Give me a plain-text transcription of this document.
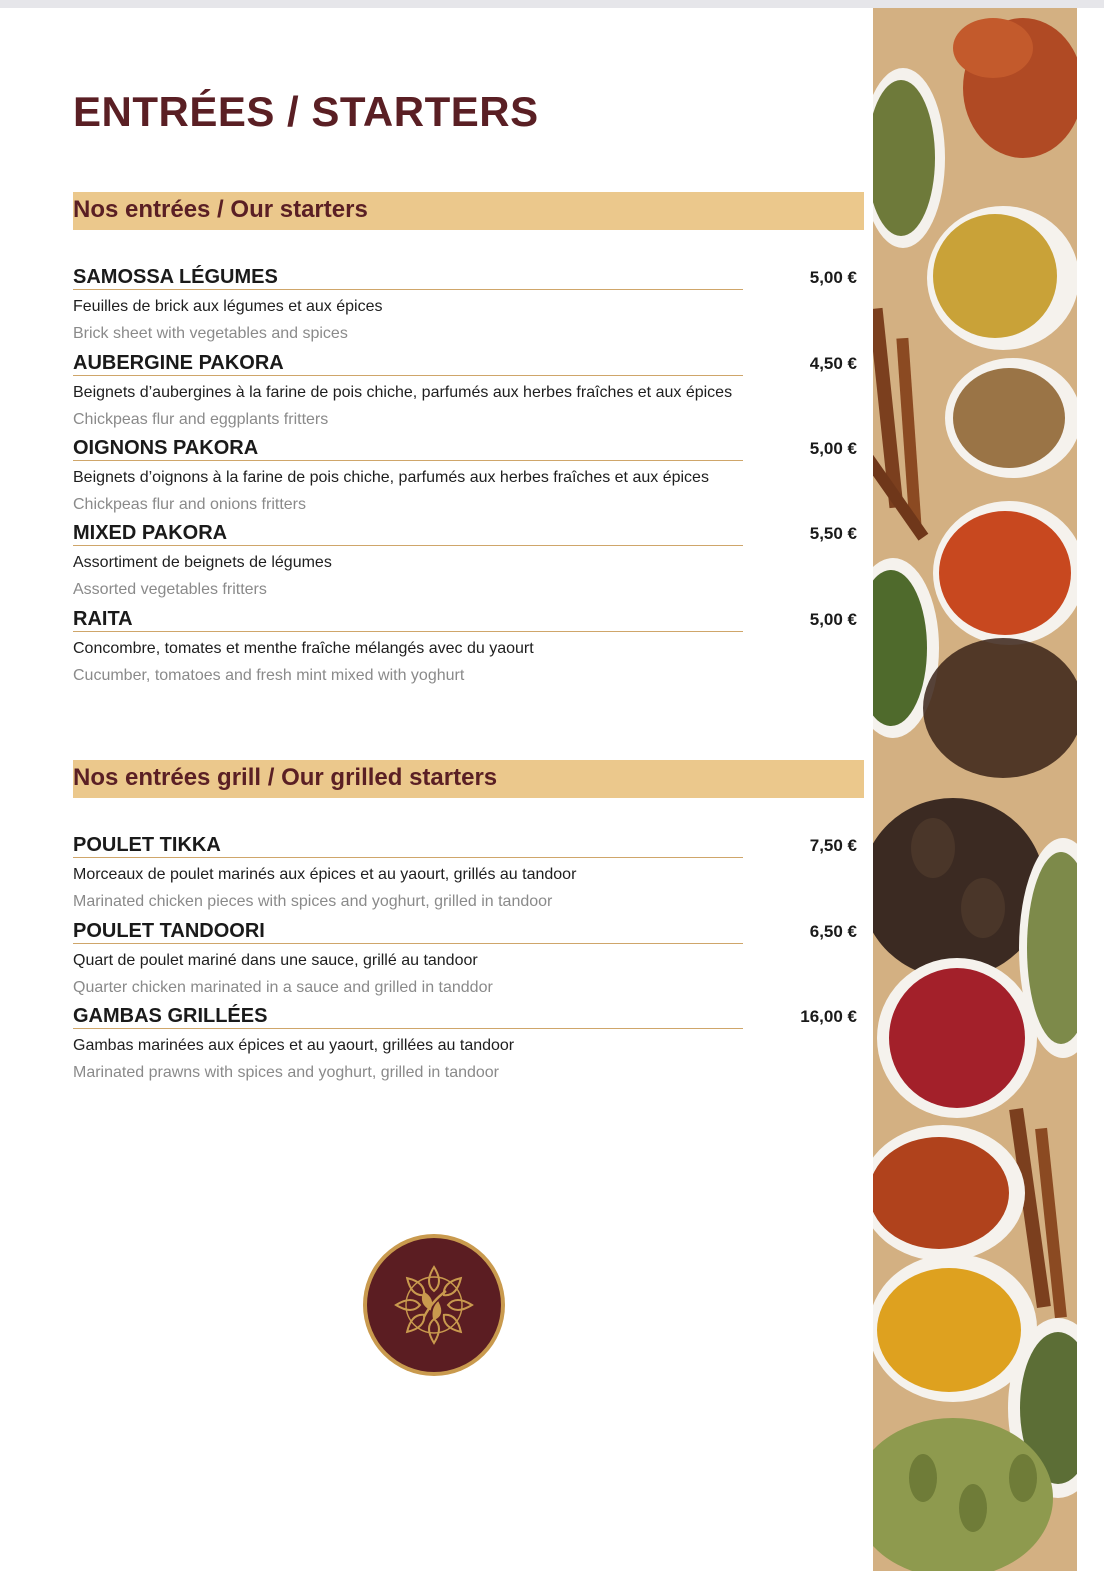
ENTRÉES / STARTERS
Nos entrées / Our starters
SAMOSSA LÉGUMES	5,00 €
Feuilles de brick aux légumes et aux épices
Brick sheet with vegetables and spices
AUBERGINE PAKORA	4,50 €
Beignets d’aubergines à la farine de pois chiche, parfumés aux herbes fraîches et aux épices
Chickpeas flur and eggplants fritters
OIGNONS PAKORA	5,00 €
Beignets d’oignons à la farine de pois chiche, parfumés aux herbes fraîches et aux épices
Chickpeas flur and onions fritters
MIXED PAKORA	5,50 €
Assortiment de beignets de légumes
Assorted vegetables fritters
RAITA	5,00 €
Concombre, tomates et menthe fraîche mélangés avec du yaourt
Cucumber, tomatoes and fresh mint mixed with yoghurt
Nos entrées grill / Our grilled starters
POULET TIKKA	7,50 €
Morceaux de poulet marinés aux épices et au yaourt, grillés au tandoor
Marinated chicken pieces with spices and yoghurt, grilled in tandoor
POULET TANDOORI	6,50 €
Quart de poulet mariné dans une sauce, grillé au tandoor
Quarter chicken marinated in a sauce and grilled in tanddor
GAMBAS GRILLÉES	16,00 €
Gambas marinées aux épices et au yaourt, grillées au tandoor
Marinated prawns with spices and yoghurt, grilled in tandoor
